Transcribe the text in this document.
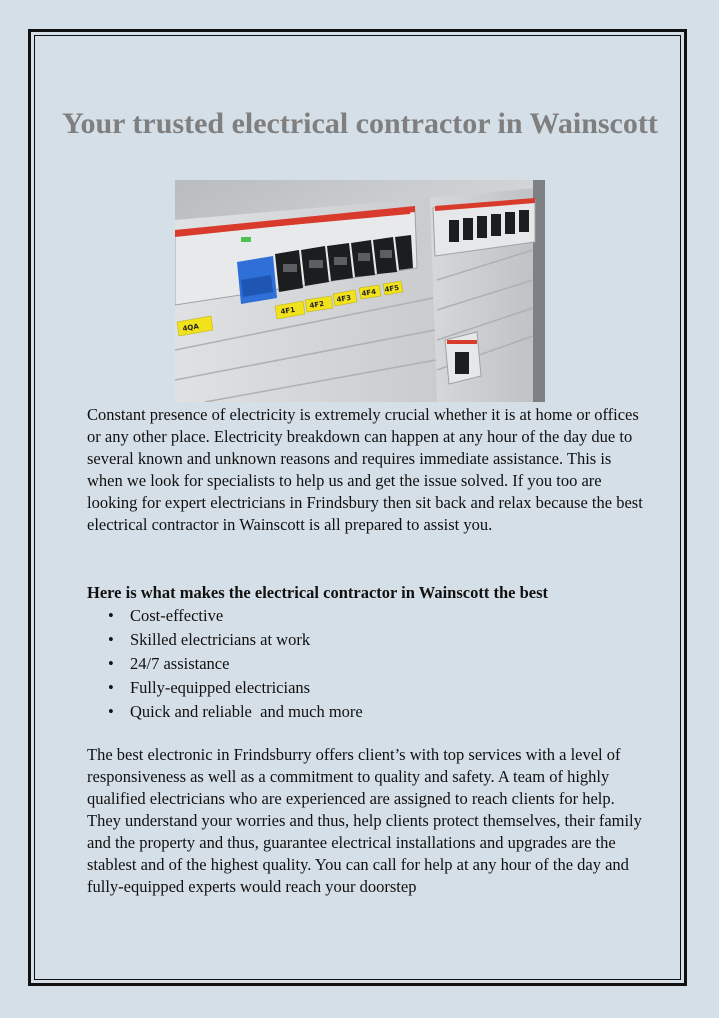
Your trusted electrical contractor in Wainscott
4QA
4F1
4F2
4F3
4F4 4F5

Constant presence of electricity is extremely crucial whether it is at home or offices or any other place. Electricity breakdown can happen at any hour of the day due to several known and unknown reasons and requires immediate assistance. This is when we look for specialists to help us and get the issue solved. If you too are looking for expert electricians in Frindsbury then sit back and relax because the best electrical contractor in Wainscott is all prepared to assist you.

Here is what makes the electrical contractor in Wainscott the best

• Cost-effective
• Skilled electricians at work
• 24/7 assistance
• Fully-equipped electricians
• Quick and reliable  and much more

The best electronic in Frindsburry offers client’s with top services with a level of responsiveness as well as a commitment to quality and safety. A team of highly qualified electricians who are experienced are assigned to reach clients for help. They understand your worries and thus, help clients protect themselves, their family and the property and thus, guarantee electrical installations and upgrades are the stablest and of the highest quality. You can call for help at any hour of the day and fully-equipped experts would reach your doorstep
